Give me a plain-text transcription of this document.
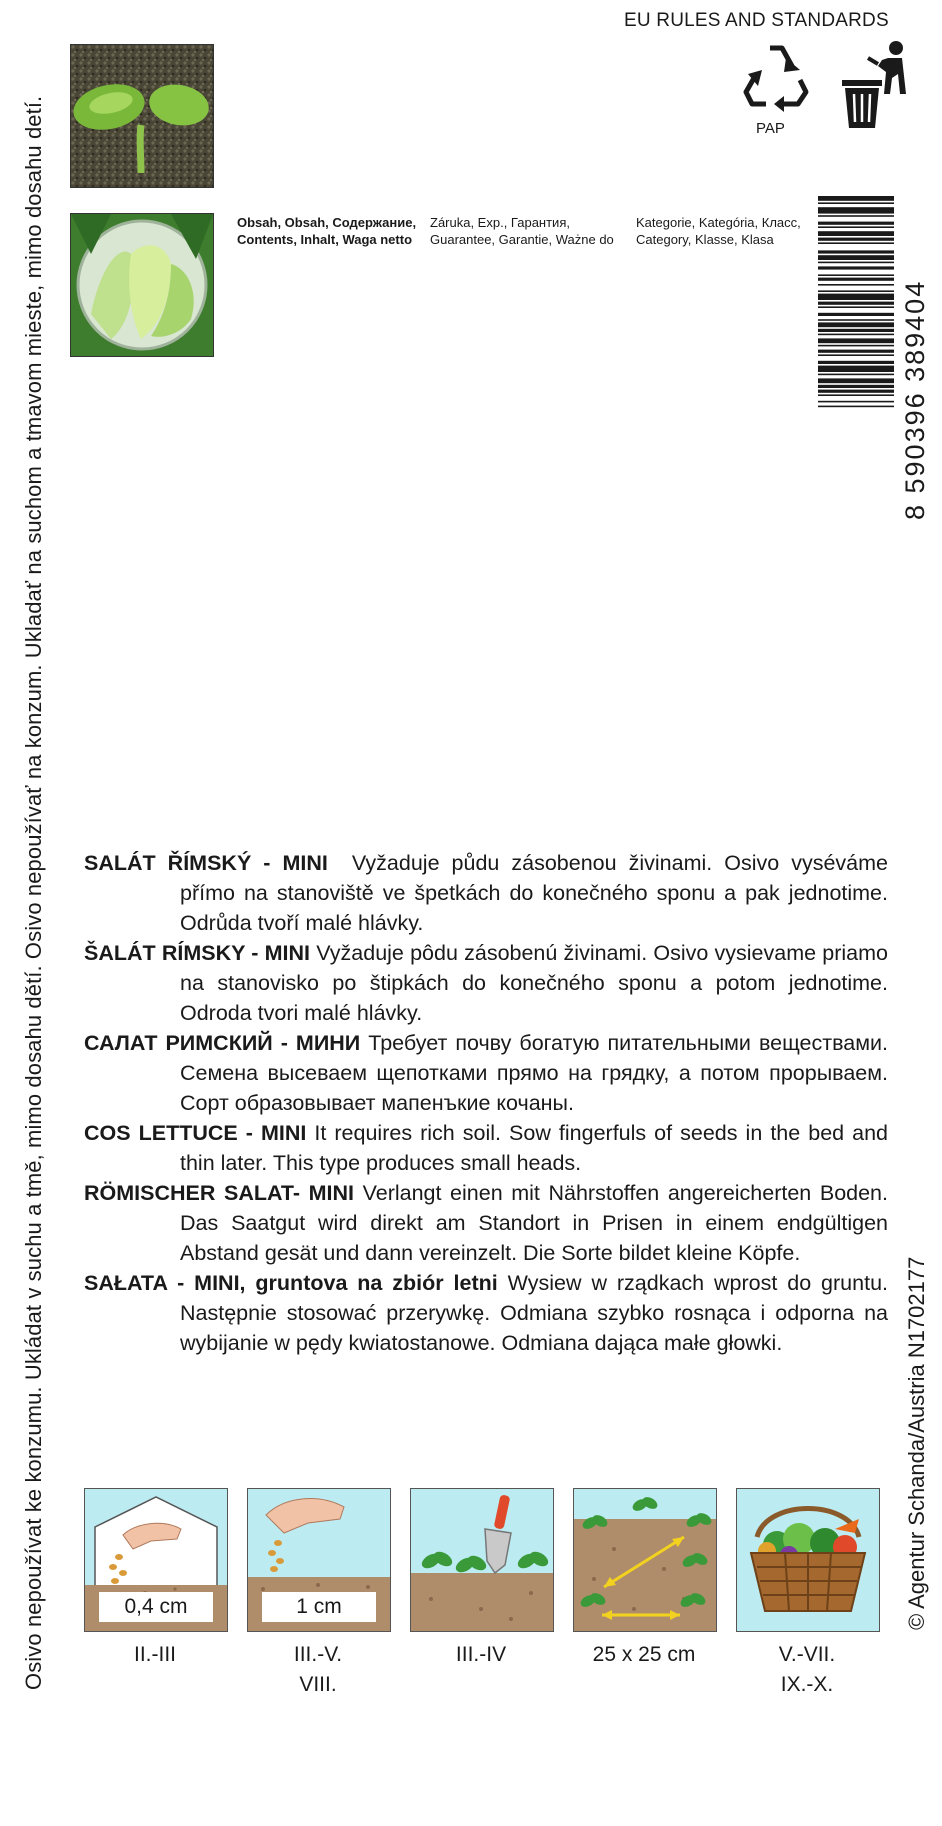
Osivo nepoužívat ke konzumu. Ukládat v suchu a tmě, mimo dosahu dětí. Osivo nepoužívať na konzum. Ukladať na suchom a tmavom mieste, mimo dosahu detí.	© Agentur Schanda/Austria N1702177
EU RULES AND STANDARDS
PAP
Obsah, Obsah, Содержание,
Contents, Inhalt, Waga netto
Záruka, Exp., Гарантия,
Guarantee, Garantie, Ważne do
Kategorie, Kategória, Класс,
Category, Klasse, Klasa
8 590396 389404

SALÁT ŘÍMSKÝ - MINI Vyžaduje půdu zásobenou živinami. Osivo vyséváme přímo na stanoviště ve špetkách do konečného sponu a pak jednotime. Odrůda tvoří malé hlávky.

ŠALÁT RÍMSKY - MINI Vyžaduje pôdu zásobenú živinami. Osivo vysievame priamo na stanovisko po štipkách do konečného sponu a potom jednotime. Odroda tvori malé hlávky.

САЛАТ РИМСКИЙ - МИНИ Требует почву богатую питательными веществами. Семена высеваем щепотками прямо на грядку, а потом прорываем. Сорт образовывает мапенъкие кочаны.

COS LETTUCE - MINI It requires rich soil. Sow fingerfuls of seeds in the bed and thin later. This type produces small heads.

RÖMISCHER SALAT- MINI Verlangt einen mit Nährstoffen angereicherten Boden. Das Saatgut wird direkt am Standort in Prisen in einem endgültigen Abstand gesät und dann vereinzelt. Die Sorte bildet kleine Köpfe.

SAŁATA - MINI, gruntova na zbiór letni Wysiew w rządkach wprost do gruntu. Następnie stosować przerywkę. Odmiana szybko rosnąca i odporna na wybijanie w pędy kwiatostanowe. Odmiana dająca małe głowki.

0,4 cm	1 cm
II.-III	III.-V.
VIII.
III.-IV	25 x 25 cm	V.-VII.
IX.-X.
